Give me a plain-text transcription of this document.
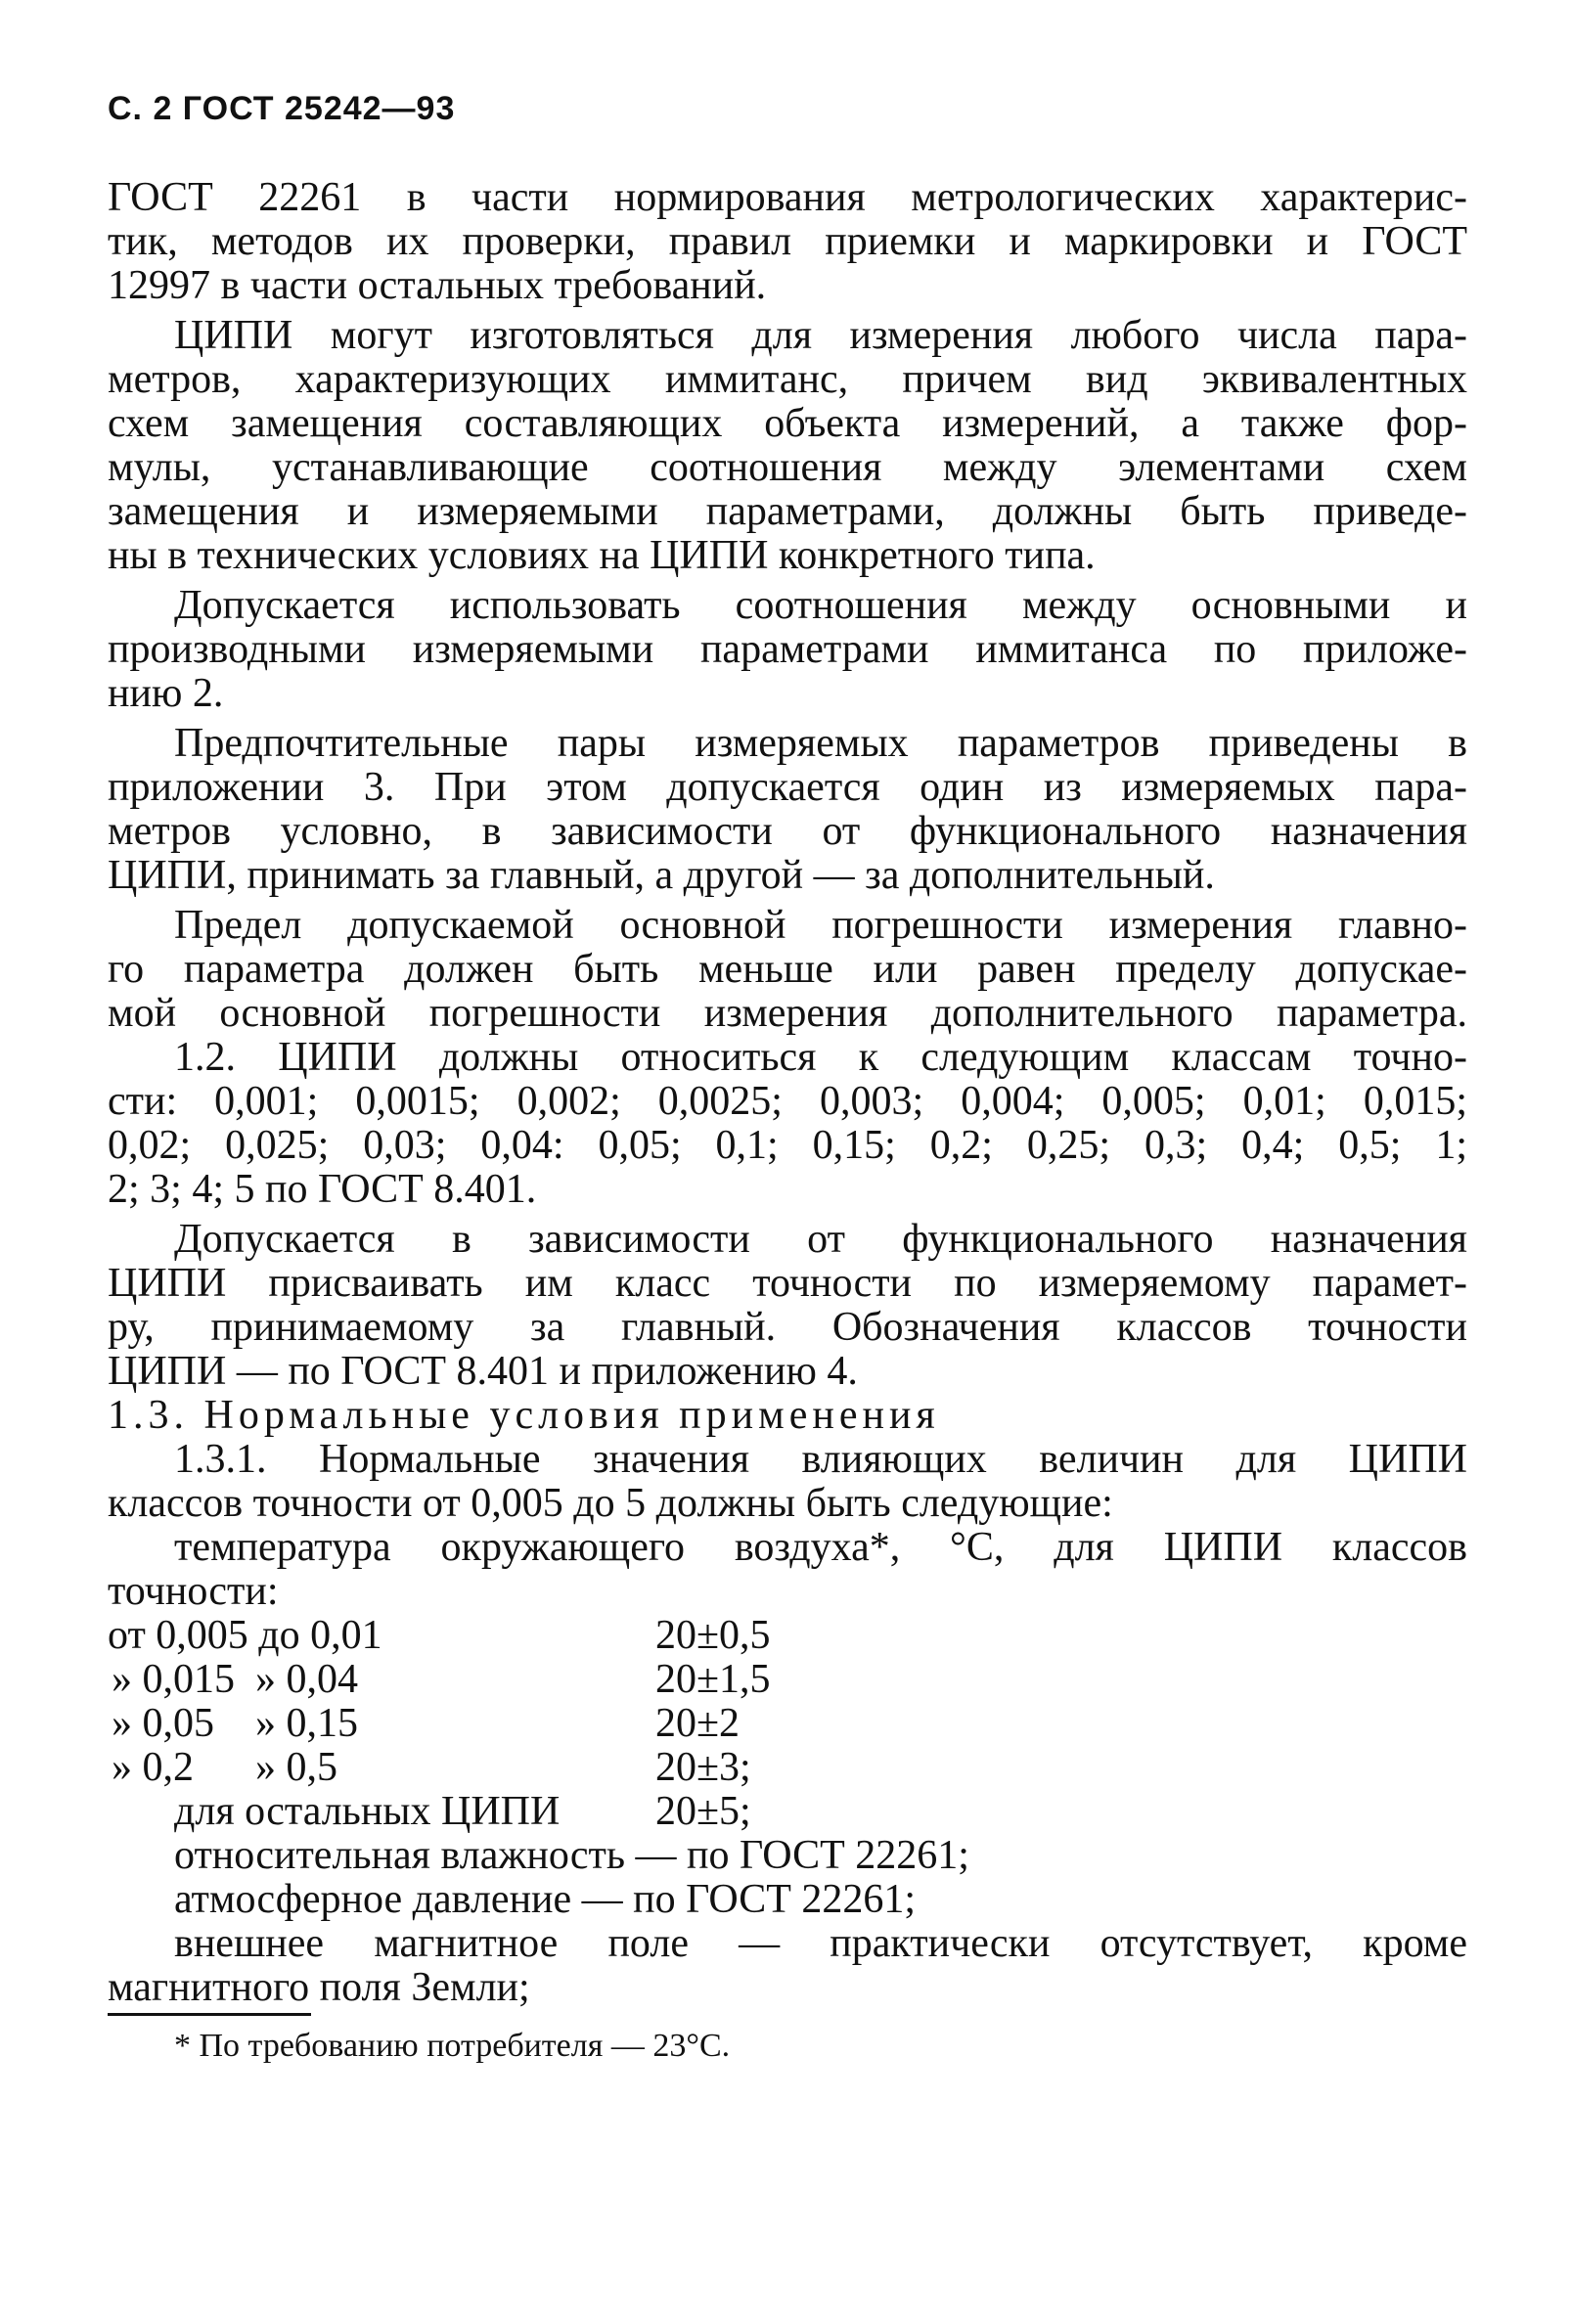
С. 2 ГОСТ 25242—93
ГОСТ 22261 в части нормирования метрологических характерис-
тик, методов их проверки, правил приемки и маркировки и ГОСТ
12997 в части остальных требований.
ЦИПИ могут изготовляться для измерения любого числа пара-
метров, характеризующих иммитанс, причем вид эквивалентных
схем замещения составляющих объекта измерений, а также фор-
мулы, устанавливающие соотношения между элементами схем
замещения и измеряемыми параметрами, должны быть приведе-
ны в технических условиях на ЦИПИ конкретного типа.
Допускается использовать соотношения между основными и
производными измеряемыми параметрами иммитанса по приложе-
нию 2.
Предпочтительные пары измеряемых параметров приведены в
приложении 3. При этом допускается один из измеряемых пара-
метров условно, в зависимости от функционального назначения
ЦИПИ, принимать за главный, а другой — за дополнительный.
Предел допускаемой основной погрешности измерения главно-
го параметра должен быть меньше или равен пределу допускае-
мой основной погрешности измерения дополнительного параметра.
1.2. ЦИПИ должны относиться к следующим классам точно-
сти: 0,001; 0,0015; 0,002; 0,0025; 0,003; 0,004; 0,005; 0,01; 0,015;
0,02; 0,025; 0,03; 0,04: 0,05; 0,1; 0,15; 0,2; 0,25; 0,3; 0,4; 0,5; 1;
2; 3; 4; 5 по ГОСТ 8.401.
Допускается в зависимости от функционального назначения
ЦИПИ присваивать им класс точности по измеряемому парамет-
ру, принимаемому за главный. Обозначения классов точности
ЦИПИ — по ГОСТ 8.401 и приложению 4.
1.3. Нормальные условия применения
1.3.1. Нормальные значения влияющих величин для ЦИПИ
классов точности от 0,005 до 5 должны быть следующие:
температура окружающего воздуха*, °С, для ЦИПИ классов
точности:
от 0,005 до 0,01	20±0,5
» 0,015  » 0,04	20±1,5
» 0,05    » 0,15	20±2
» 0,2      » 0,5	20±3;
для остальных ЦИПИ	20±5;
относительная влажность — по ГОСТ 22261;
атмосферное давление — по ГОСТ 22261;
внешнее магнитное поле — практически отсутствует, кроме
магнитного поля Земли;
* По требованию потребителя — 23°С.
